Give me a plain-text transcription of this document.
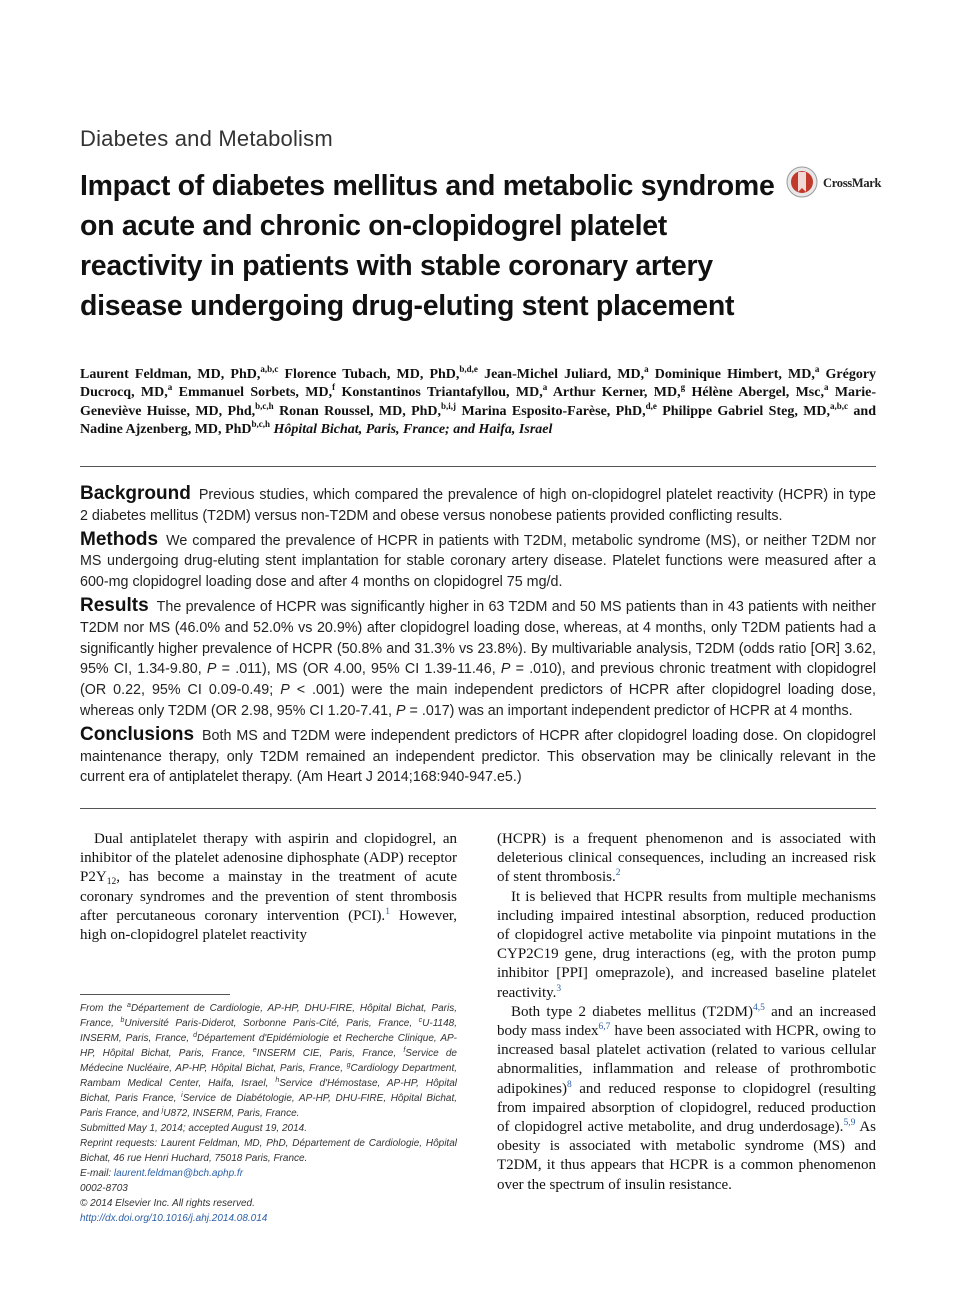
Diabetes and Metabolism
Impact of diabetes mellitus and metabolic syndrome on acute and chronic on-clopidogrel platelet reactivity in patients with stable coronary artery disease undergoing drug-eluting stent placement
CrossMark
Laurent Feldman, MD, PhD,$^{a,b,c}$ Florence Tubach, MD, PhD,$^{b,d,e}$ Jean-Michel Juliard, MD,$^a$ Dominique Himbert, MD,$^a$ Grégory Ducrocq, MD,$^a$ Emmanuel Sorbets, MD,$^f$ Konstantinos Triantafyllou, MD,$^a$ Arthur Kerner, MD,$^g$ Hélène Abergel, Msc,$^a$ Marie-Geneviève Huisse, MD, Phd,$^{b,c,h}$ Ronan Roussel, MD, PhD,$^{b,i,j}$ Marina Esposito-Farèse, PhD,$^{d,e}$ Philippe Gabriel Steg, MD,$^{a,b,c}$ and Nadine Ajzenberg, MD, PhD$^{b,c,h}$ Hôpital Bichat, Paris, France; and Haifa, Israel

Background Previous studies, which compared the prevalence of high on-clopidogrel platelet reactivity (HCPR) in type 2 diabetes mellitus (T2DM) versus non-T2DM and obese versus nonobese patients provided conflicting results.

Methods We compared the prevalence of HCPR in patients with T2DM, metabolic syndrome (MS), or neither T2DM nor MS undergoing drug-eluting stent implantation for stable coronary artery disease. Platelet functions were measured after a 600-mg clopidogrel loading dose and after 4 months on clopidogrel 75 mg/d.

Results The prevalence of HCPR was significantly higher in 63 T2DM and 50 MS patients than in 43 patients with neither T2DM nor MS (46.0% and 52.0% vs 20.9%) after clopidogrel loading dose, whereas, at 4 months, only T2DM patients had a significantly higher prevalence of HCPR (50.8% and 31.3% vs 23.8%). By multivariable analysis, T2DM (odds ratio [OR] 3.62, 95% CI, 1.34-9.80, P = .011), MS (OR 4.00, 95% CI 1.39-11.46, P = .010), and previous chronic treatment with clopidogrel (OR 0.22, 95% CI 0.09-0.49; P < .001) were the main independent predictors of HCPR after clopidogrel loading dose, whereas only T2DM (OR 2.98, 95% CI 1.20-7.41, P = .017) was an important independent predictor of HCPR at 4 months.

Conclusions Both MS and T2DM were independent predictors of HCPR after clopidogrel loading dose. On clopidogrel maintenance therapy, only T2DM remained an independent predictor. This observation may be clinically relevant in the current era of antiplatelet therapy. (Am Heart J 2014;168:940-947.e5.)

Dual antiplatelet therapy with aspirin and clopidogrel, an inhibitor of the platelet adenosine diphosphate (ADP) receptor $P2Y_{12}$, has become a mainstay in the treatment of acute coronary syndromes and the prevention of stent thrombosis after percutaneous coronary intervention (PCI).$^1$ However, high on-clopidogrel platelet reactivity

From the $^a$Département de Cardiologie, AP-HP, DHU-FIRE, Hôpital Bichat, Paris, France, $^b$Université Paris-Diderot, Sorbonne Paris-Cité, Paris, France, $^c$U-1148, INSERM, Paris, France, $^d$Département d'Epidémiologie et Recherche Clinique, AP-HP, Hôpital Bichat, Paris, France, $^e$INSERM CIE, Paris, France, $^f$Service de Médecine Nucléaire, AP-HP, Hôpital Bichat, Paris, France, $^g$Cardiology Department, Rambam Medical Center, Haifa, Israel, $^h$Service d'Hémostase, AP-HP, Hôpital Bichat, Paris France, $^i$Service de Diabétologie, AP-HP, DHU-FIRE, Hôpital Bichat, Paris France, and $^j$U872, INSERM, Paris, France.
Submitted May 1, 2014; accepted August 19, 2014.
Reprint requests: Laurent Feldman, MD, PhD, Département de Cardiologie, Hôpital Bichat, 46 rue Henri Huchard, 75018 Paris, France.
E-mail: laurent.feldman@bch.aphp.fr
0002-8703
© 2014 Elsevier Inc. All rights reserved.
http://dx.doi.org/10.1016/j.ahj.2014.08.014

(HCPR) is a frequent phenomenon and is associated with deleterious clinical consequences, including an increased risk of stent thrombosis.$^2$

It is believed that HCPR results from multiple mechanisms including impaired intestinal absorption, reduced production of clopidogrel active metabolite via pinpoint mutations in the CYP2C19 gene, drug interactions (eg, with the proton pump inhibitor [PPI] omeprazole), and increased baseline platelet reactivity.$^3$

Both type 2 diabetes mellitus $(T2DM)^{4,5}$ and an increased body mass index$^{6,7}$ have been associated with HCPR, owing to increased basal platelet activation (related to various cellular abnormalities, inflammation and release of prothrombotic adipokines)$^8$ and reduced response to clopidogrel (resulting from impaired absorption of clopidogrel, reduced production of clopidogrel active metabolite, and drug underdosage).$^{5,9}$ As obesity is associated with metabolic syndrome (MS) and T2DM, it thus appears that HCPR is a common phenomenon over the spectrum of insulin resistance.
